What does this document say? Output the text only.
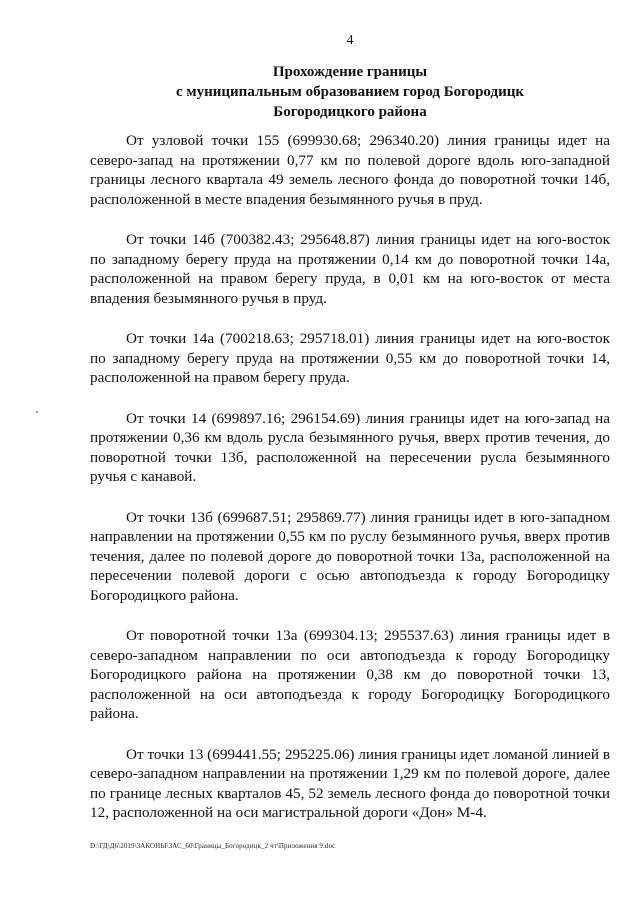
4
Прохождение границы
с муниципальным образованием город Богородицк
Богородицкого района

От узловой точки 155 (699930.68; 296340.20) линия границы идет на северо-запад на протяжении 0,77 км по полевой дороге вдоль юго-западной границы лесного квартала 49 земель лесного фонда до поворотной точки 14б, расположенной в месте впадения безымянного ручья в пруд.

От точки 14б (700382.43; 295648.87) линия границы идет на юго-восток по западному берегу пруда на протяжении 0,14 км до поворотной точки 14а, расположенной на правом берегу пруда, в 0,01 км на юго-восток от места впадения безымянного ручья в пруд.

От точки 14а (700218.63; 295718.01) линия границы идет на юго-восток по западному берегу пруда на протяжении 0,55 км до поворотной точки 14, расположенной на правом берегу пруда.

От точки 14 (699897.16; 296154.69) линия границы идет на юго-запад на протяжении 0,36 км вдоль русла безымянного ручья, вверх против течения, до поворотной точки 13б, расположенной на пересечении русла безымянного ручья с канавой.

От точки 13б (699687.51; 295869.77) линия границы идет в юго-западном направлении на протяжении 0,55 км по руслу безымянного ручья, вверх против течения, далее по полевой дороге до поворотной точки 13а, расположенной на пересечении полевой дороги с осью автоподъезда к городу Богородицку Богородицкого района.

От поворотной точки 13а (699304.13; 295537.63) линия границы идет в северо-западном направлении по оси автоподъезда к городу Богородицку Богородицкого района на протяжении 0,38 км до поворотной точки 13, расположенной на оси автоподъезда к городу Богородицку Богородицкого района.

От точки 13 (699441.55; 295225.06) линия границы идет ломаной линией в северо-западном направлении на протяжении 1,29 км по полевой дороге, далее по границе лесных кварталов 45, 52 земель лесного фонда до поворотной точки 12, расположенной на оси магистральной дороги «Дон» М-4.

D:\ГД\Д6\2019\ЗАКОНЫ\ЗАС_60\Границы_Богородицк_2 чт\Приложения 9.doc
